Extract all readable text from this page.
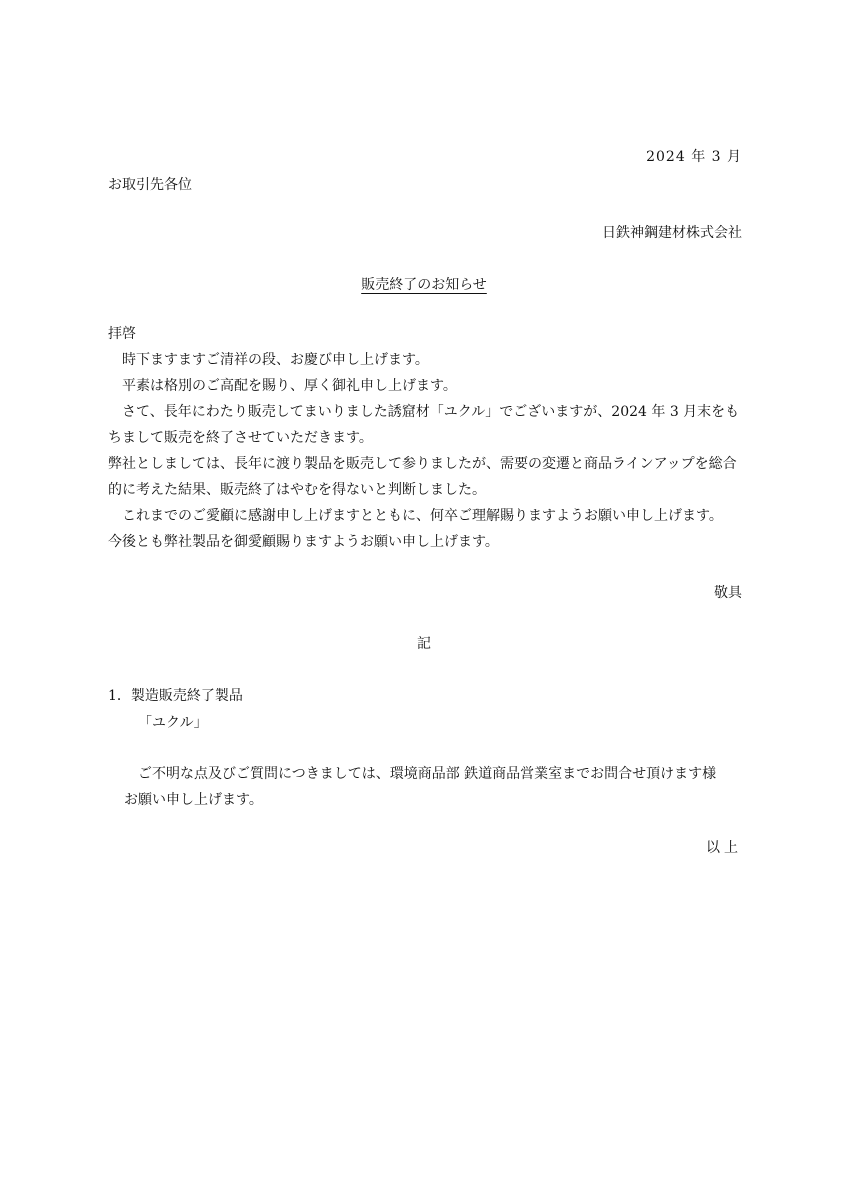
2024 年 3 月
お取引先各位
日鉄神鋼建材株式会社
販売終了のお知らせ
拝啓
時下ますますご清祥の段、お慶び申し上げます。
平素は格別のご高配を賜り、厚く御礼申し上げます。
さて、長年にわたり販売してまいりました誘窟材「ユクル」でございますが、2024 年 3 月末をも
ちまして販売を終了させていただきます。
弊社としましては、長年に渡り製品を販売して参りましたが、需要の変遷と商品ラインアップを総合
的に考えた結果、販売終了はやむを得ないと判断しました。
これまでのご愛顧に感謝申し上げますとともに、何卒ご理解賜りますようお願い申し上げます。
今後とも弊社製品を御愛顧賜りますようお願い申し上げます。
敬具
記
1．製造販売終了製品
「ユクル」
ご不明な点及びご質問につきましては、環境商品部 鉄道商品営業室までお問合せ頂けます様
お願い申し上げます。
以上
